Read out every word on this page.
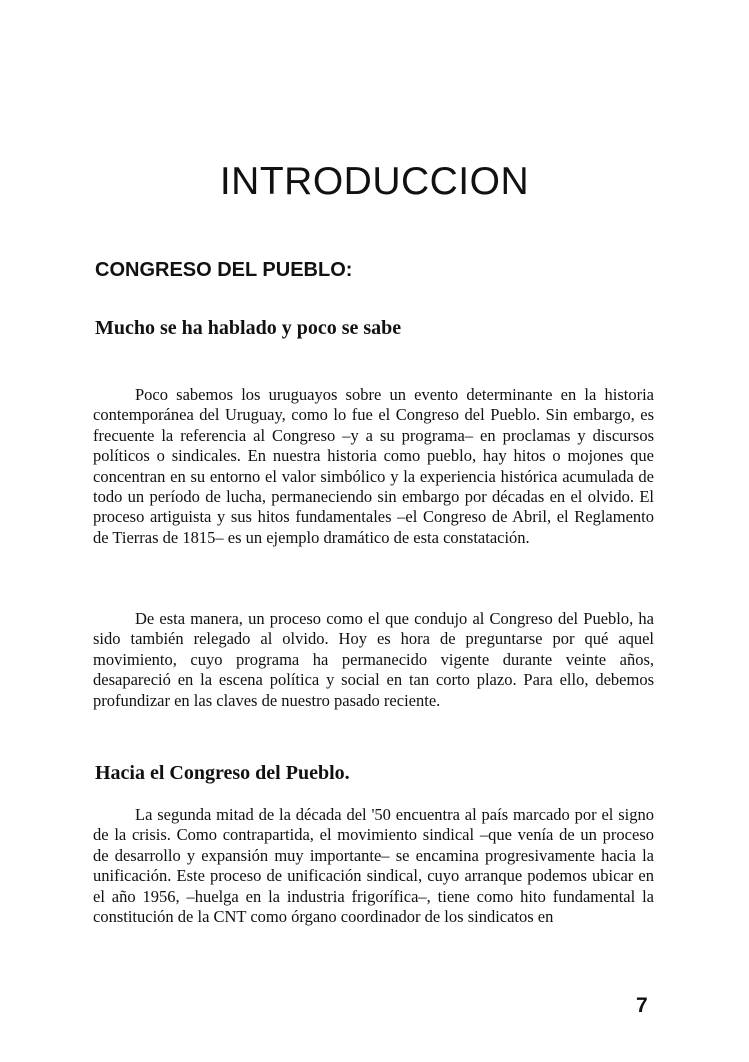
INTRODUCCION
CONGRESO DEL PUEBLO:
Mucho se ha hablado y poco se sabe

Poco sabemos los uruguayos sobre un evento determinante en la historia contemporánea del Uruguay, como lo fue el Congreso del Pueblo. Sin embargo, es frecuente la referencia al Congreso –y a su programa– en proclamas y discursos políticos o sindicales. En nuestra historia como pueblo, hay hitos o mojones que concentran en su entorno el valor simbólico y la experiencia histórica acumulada de todo un período de lucha, permaneciendo sin embargo por décadas en el olvido. El proceso artiguista y sus hitos fundamentales –el Congreso de Abril, el Reglamento de Tierras de 1815– es un ejemplo dramático de esta constatación.

De esta manera, un proceso como el que condujo al Congreso del Pueblo, ha sido también relegado al olvido. Hoy es hora de preguntarse por qué aquel movimiento, cuyo programa ha permanecido vigente durante veinte años, desapareció en la escena política y social en tan corto plazo. Para ello, debemos profundizar en las claves de nuestro pasado reciente.

Hacia el Congreso del Pueblo.

La segunda mitad de la década del '50 encuentra al país marcado por el signo de la crisis. Como contrapartida, el movimiento sindical –que venía de un proceso de desarrollo y expansión muy importante– se encamina progresivamente hacia la unificación. Este proceso de unificación sindical, cuyo arranque podemos ubicar en el año 1956, –huelga en la industria frigorífica–, tiene como hito fundamental la constitución de la CNT como órgano coordinador de los sindicatos en

7
